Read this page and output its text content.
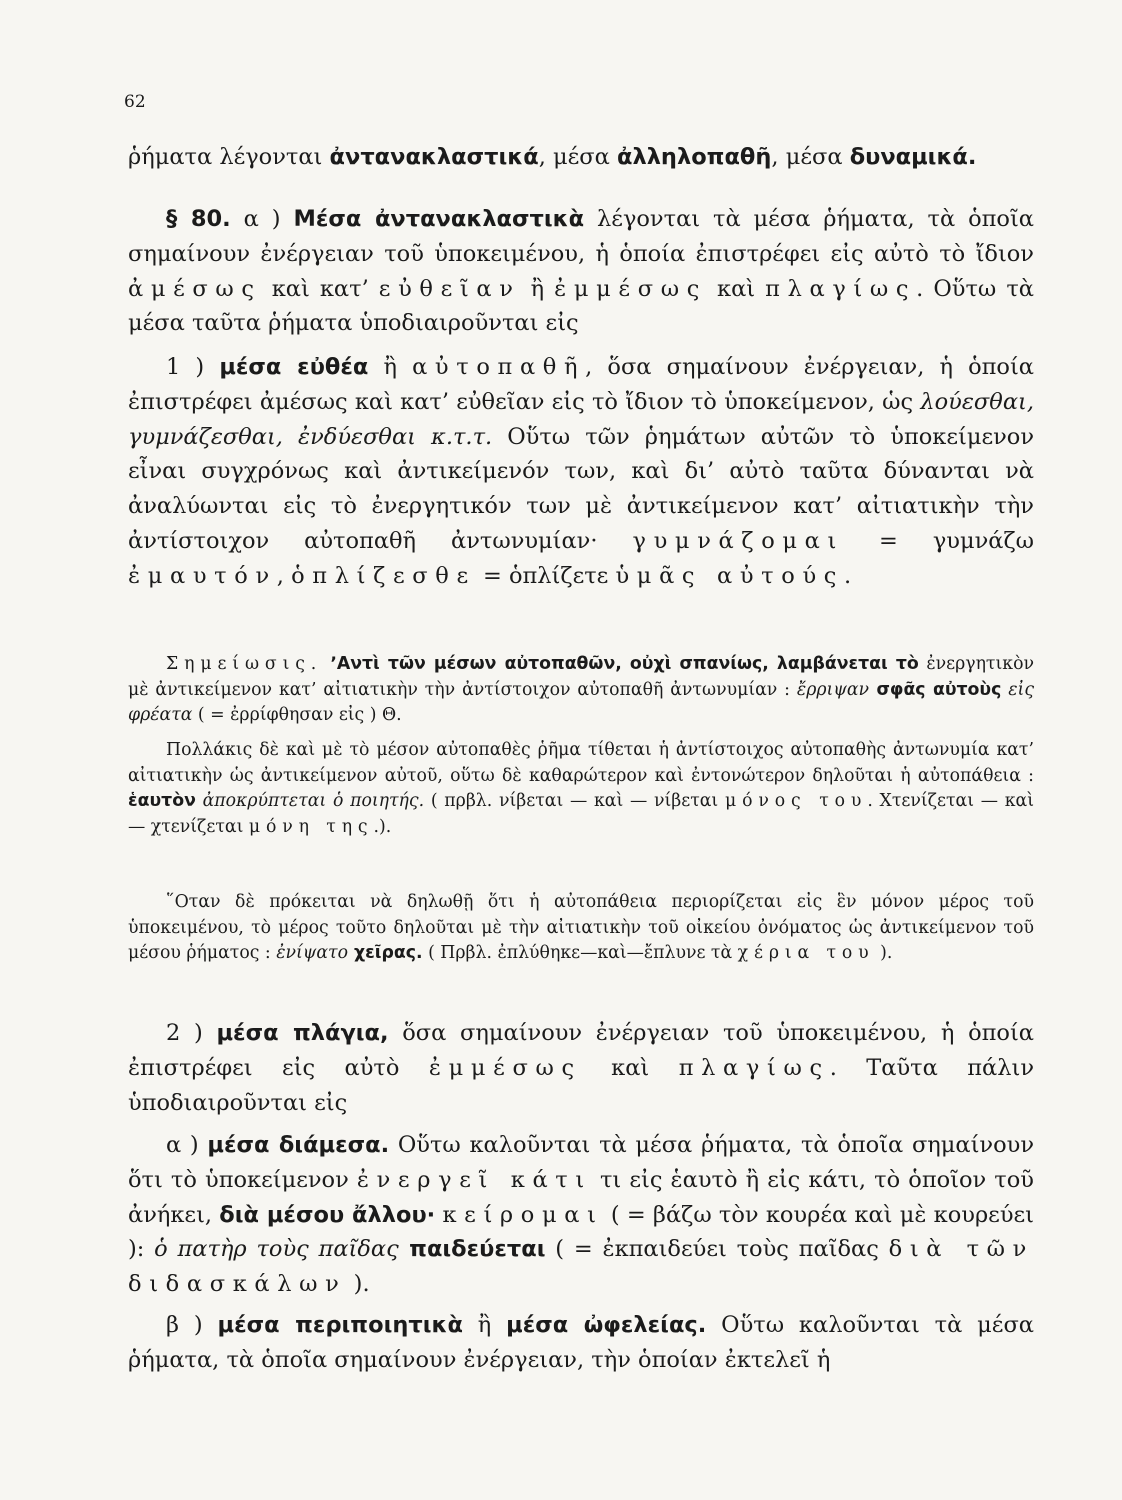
62

ῥήματα λέγονται ἀντανακλαστικά, μέσα ἀλληλοπαθῆ, μέσα δυναμικά.

§ 80. α ) Μέσα ἀντανακλαστικὰ λέγονται τὰ μέσα ῥήματα, τὰ ὁποῖα σημαίνουν ἐνέργειαν τοῦ ὑποκειμένου, ἡ ὁποία ἐπιστρέφει εἰς αὐτὸ τὸ ἴδιον ἀμέσως καὶ κατ’ εὐθεῖαν ἢ ἐμμέσως καὶ πλαγίως. Οὕτω τὰ μέσα ταῦτα ῥήματα ὑποδιαιροῦνται εἰς

1 ) μέσα εὐθέα ἢ αὐτοπαθῆ, ὅσα σημαίνουν ἐνέργειαν, ἡ ὁποία ἐπιστρέφει ἀμέσως καὶ κατ’ εὐθεῖαν εἰς τὸ ἴδιον τὸ ὑποκείμενον, ὡς λούεσθαι, γυμνάζεσθαι, ἐνδύεσθαι κ.τ.τ. Οὕτω τῶν ῥημάτων αὐτῶν τὸ ὑποκείμενον εἶναι συγχρόνως καὶ ἀντικείμενόν των, καὶ δι’ αὐτὸ ταῦτα δύνανται νὰ ἀναλύωνται εἰς τὸ ἐνεργητικόν των μὲ ἀντικείμενον κατ’ αἰτιατικὴν τὴν ἀντίστοιχον αὐτοπαθῆ ἀντωνυμίαν· γυμνάζομαι = γυμνάζω ἐμαυτόν, ὁπλίζεσθε = ὁπλίζετε ὑμᾶς αὐτούς.

Σημείωσις. ’Αντὶ τῶν μέσων αὐτοπαθῶν, οὐχὶ σπανίως, λαμβάνεται τὸ ἐνεργητικὸν μὲ ἀντικείμενον κατ’ αἰτιατικὴν τὴν ἀντίστοιχον αὐτοπαθῆ ἀντωνυμίαν : ἔρριψαν σφᾶς αὐτοὺς εἰς φρέατα ( = ἐρρίφθησαν εἰς ) Θ.

Πολλάκις δὲ καὶ μὲ τὸ μέσον αὐτοπαθὲς ῥῆμα τίθεται ἡ ἀντίστοιχος αὐτοπαθὴς ἀντωνυμία κατ’ αἰτιατικὴν ὡς ἀντικείμενον αὐτοῦ, οὕτω δὲ καθαρώτερον καὶ ἐντονώτερον δηλοῦται ἡ αὐτοπάθεια : ἑαυτὸν ἀποκρύπτεται ὁ ποιητής. ( πρβλ. νίβεται — καὶ — νίβεται μόνος του. Χτενίζεται — καὶ — χτενίζεται μόνη της.).

῞Οταν δὲ πρόκειται νὰ δηλωθῇ ὅτι ἡ αὐτοπάθεια περιορίζεται εἰς ἓν μόνον μέρος τοῦ ὑποκειμένου, τὸ μέρος τοῦτο δηλοῦται μὲ τὴν αἰτιατικὴν τοῦ οἰκείου ὀνόματος ὡς ἀντικείμενον τοῦ μέσου ῥήματος : ἐνίψατο χεῖρας. ( Πρβλ. ἐπλύθηκε—καὶ—ἔπλυνε τὰ χέρια του ).

2 ) μέσα πλάγια, ὅσα σημαίνουν ἐνέργειαν τοῦ ὑποκειμένου, ἡ ὁποία ἐπιστρέφει εἰς αὐτὸ ἐμμέσως καὶ πλαγίως. Ταῦτα πάλιν ὑποδιαιροῦνται εἰς

α ) μέσα διάμεσα. Οὕτω καλοῦνται τὰ μέσα ῥήματα, τὰ ὁποῖα σημαίνουν ὅτι τὸ ὑποκείμενον ἐνεργεῖ κάτι τι εἰς ἑαυτὸ ἢ εἰς κάτι, τὸ ὁποῖον τοῦ ἀνήκει, διὰ μέσου ἄλλου· κείρομαι ( = βάζω τὸν κουρέα καὶ μὲ κουρεύει ): ὁ πατὴρ τοὺς παῖδας παιδεύεται ( = ἐκπαιδεύει τοὺς παῖδας διὰ τῶν διδασκάλων ).

β ) μέσα περιποιητικὰ ἢ μέσα ὠφελείας. Οὕτω καλοῦνται τὰ μέσα ῥήματα, τὰ ὁποῖα σημαίνουν ἐνέργειαν, τὴν ὁποίαν ἐκτελεῖ ἡ
